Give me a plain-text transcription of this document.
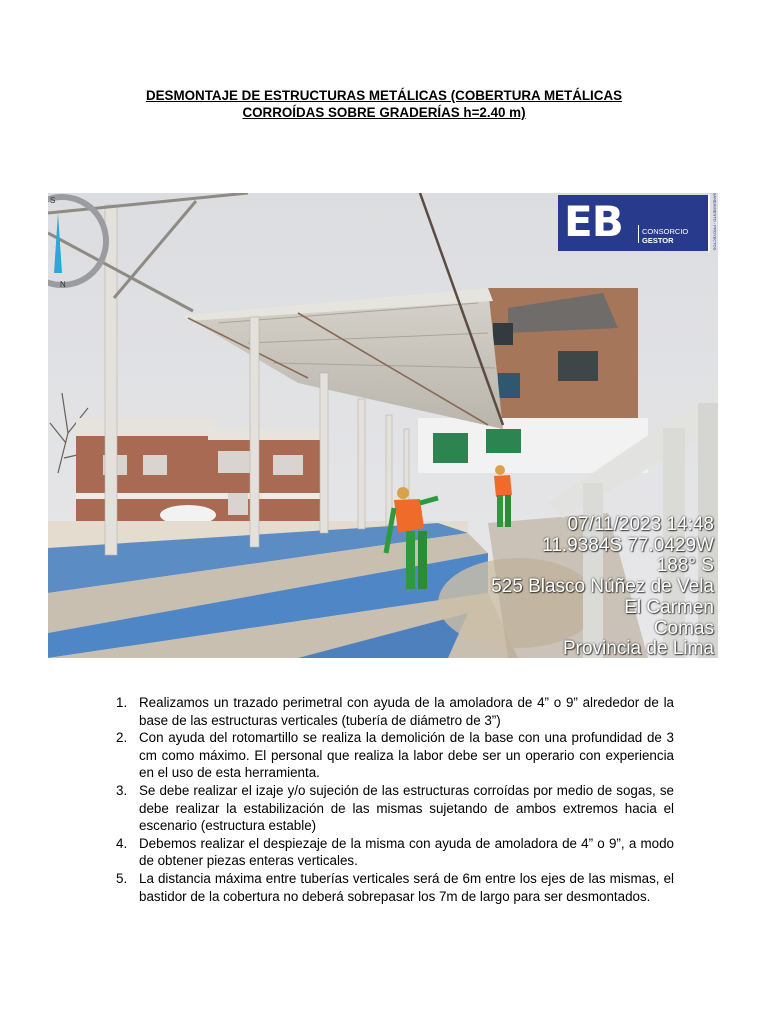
DESMONTAJE DE ESTRUCTURAS METÁLICAS (COBERTURA METÁLICAS
CORROÍDAS SOBRE GRADERÍAS h=2.40 m)
S
N
EB	CONSORCIO
GESTOR	SANEAMIENTO - PROYECTOS
07/11/2023 14:48
11.9384S 77.0429W
188° S
525 Blasco Núñez de Vela
El Carmen
Comas
Provincia de Lima
1. Realizamos un trazado perimetral con ayuda de la amoladora de 4” o 9” alrededor de la base de las estructuras verticales (tubería de diámetro de 3”)
2. Con ayuda del rotomartillo se realiza la demolición de la base con una profundidad de 3 cm como máximo. El personal que realiza la labor debe ser un operario con experiencia en el uso de esta herramienta.
3. Se debe realizar el izaje y/o sujeción de las estructuras corroídas por medio de sogas, se debe realizar la estabilización de las mismas sujetando de ambos extremos hacia el escenario (estructura estable)
4. Debemos realizar el despiezaje de la misma con ayuda de amoladora de 4” o 9”, a modo de obtener piezas enteras verticales.
5. La distancia máxima entre tuberías verticales será de 6m entre los ejes de las mismas, el bastidor de la cobertura no deberá sobrepasar los 7m de largo para ser desmontados.
